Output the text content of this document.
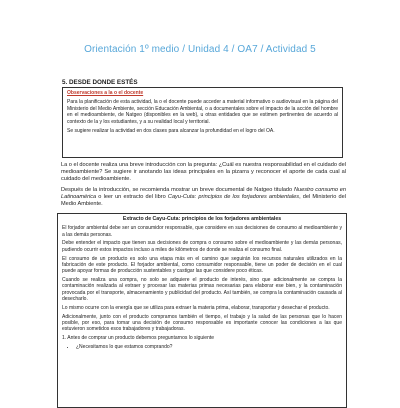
Orientación 1º medio / Unidad 4 / OA7 / Actividad 5
5. DESDE DONDE ESTÉS
Observaciones a la o el docente

Para la planificación de esta actividad, la o el docente puede acceder a material informativo o audiovisual en la página del Ministerio del Medio Ambiente, sección Educación Ambiental, o a documentales sobre el impacto de la acción del hombre en el medioambiente, de Natgeo (disponibles en la web), u otras entidades que se estimen pertinentes de acuerdo al contexto de la y los estudiantes, y a su realidad local y territorial.

Se sugiere realizar la actividad en dos clases para alcanzar la profundidad en el logro del OA.

La o el docente realiza una breve introducción con la pregunta: ¿Cuál es nuestra responsabilidad en el cuidado del medioambiente? Se sugiere ir anotando las ideas principales en la pizarra y reconocer el aporte de cada cual al cuidado del medioambiente.

Después de la introducción, se recomienda mostrar un breve documental de Natgeo titulado Nuestro consumo en Latinoamérica o leer un extracto del libro Cayu-Cuta: principios de los forjadores ambientales, del Ministerio del Medio Ambiente.

Extracto de Cayu-Cuta: principios de los forjadores ambientales

El forjador ambiental debe ser un consumidor responsable, que considere en sus decisiones de consumo al medioambiente y a las demás personas.

Debe entender el impacto que tienen sus decisiones de compra o consumo sobre el medioambiente y las demás personas, pudiendo ocurrir estos impactos incluso a miles de kilómetros de donde se realiza el consumo final.

El consumo de un producto es solo una etapa más en el camino que seguirán los recursos naturales utilizados en la fabricación de este producto. El forjador ambiental, como consumidor responsable, tiene un poder de decisión en el cual puede apoyar formas de producción sustentables y castigar las que considere poco éticas.

Cuando se realiza una compra, no solo se adquiere el producto de interés, sino que adicionalmente se compra la contaminación realizada al extraer y procesar las materias primas necesarias para elaborar ese bien, y la contaminación provocada por el transporte, almacenamiento y publicidad del producto. Así también, se compra la contaminación causada al desecharlo.

Lo mismo ocurre con la energía que se utiliza para extraer la materia prima, elaborar, transportar y desechar el producto.

Adicionalmente, junto con el producto compramos también el tiempo, el trabajo y la salud de las personas que lo hacen posible, por eso, para tomar una decisión de consumo responsable es importante conocer las condiciones a las que estuvieron sometidos esos trabajadores y trabajadoras.

1. Antes de comprar un producto debemos preguntarnos lo siguiente

• ¿Necesitamos lo que estamos comprando?
